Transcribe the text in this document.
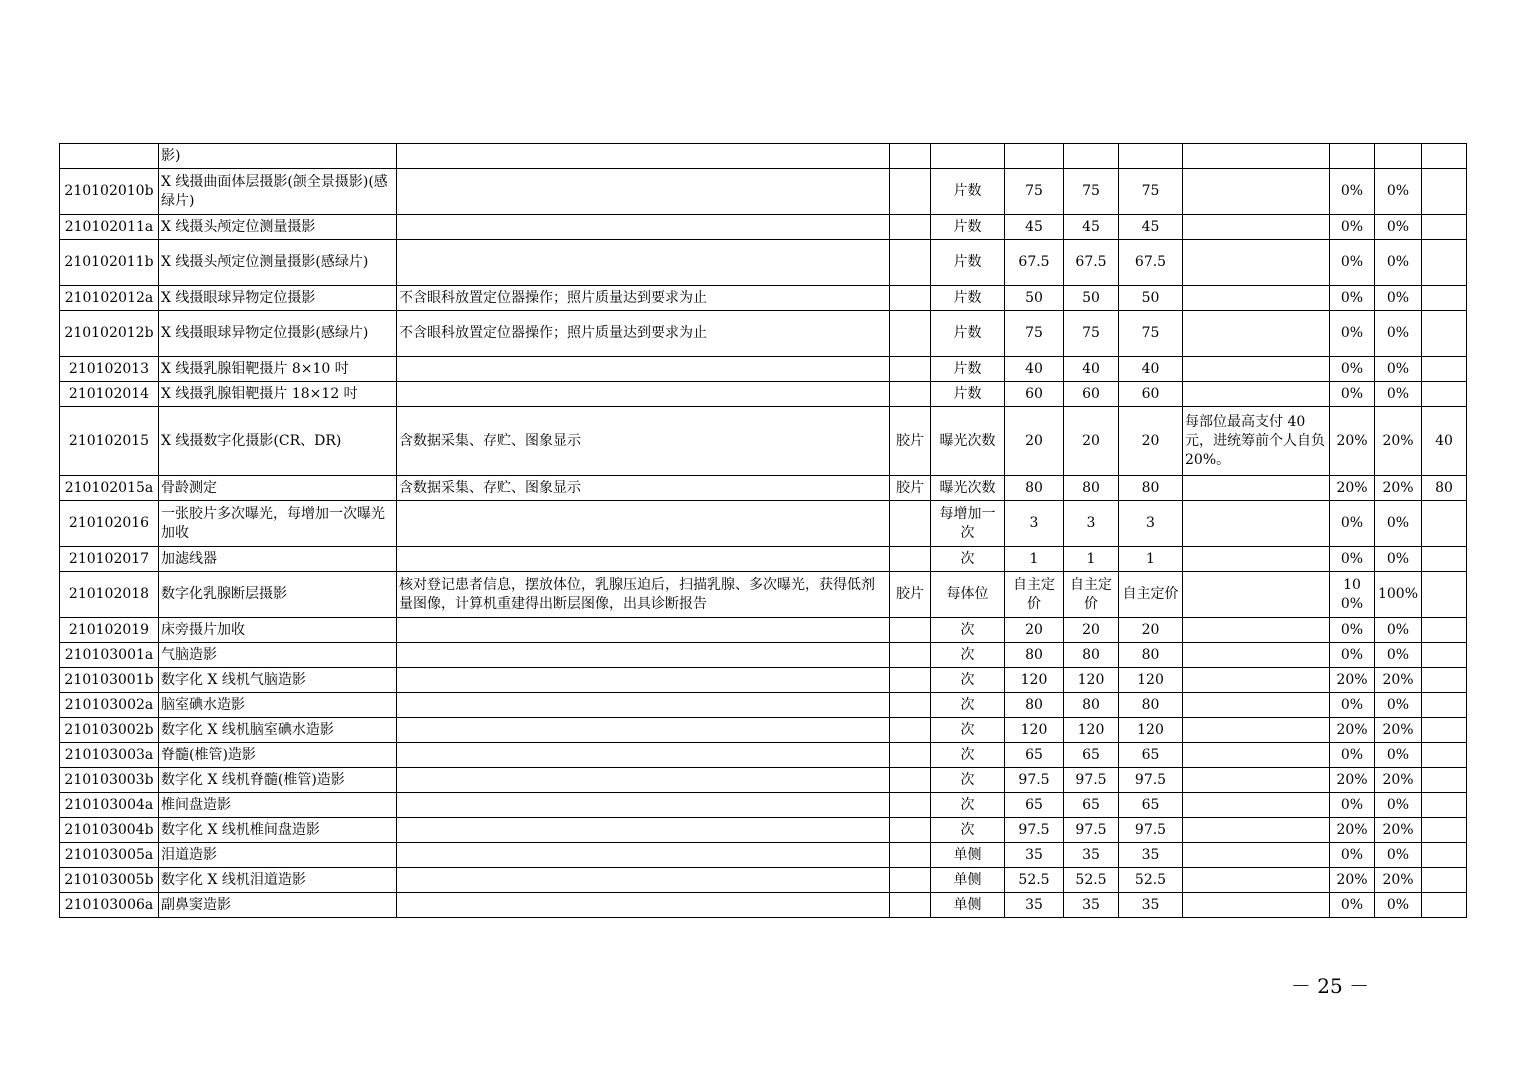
	影)										
210102010b	X 线摄曲面体层摄影(颌全景摄影)(感绿片)			片数	75	75	75		0%	0%	
210102011a	X 线摄头颅定位测量摄影			片数	45	45	45		0%	0%	
210102011b	X 线摄头颅定位测量摄影(感绿片)			片数	67.5	67.5	67.5		0%	0%	
210102012a	X 线摄眼球异物定位摄影	不含眼科放置定位器操作；照片质量达到要求为止		片数	50	50	50		0%	0%	
210102012b	X 线摄眼球异物定位摄影(感绿片)	不含眼科放置定位器操作；照片质量达到要求为止		片数	75	75	75		0%	0%	
210102013	X 线摄乳腺钼靶摄片 8×10 吋			片数	40	40	40		0%	0%	
210102014	X 线摄乳腺钼靶摄片 18×12 吋			片数	60	60	60		0%	0%	
210102015	X 线摄数字化摄影(CR、DR)	含数据采集、存贮、图象显示	胶片	曝光次数	20	20	20	每部位最高支付 40 元，进统筹前个人自负 20%。	20%	20%	40
210102015a	骨龄测定	含数据采集、存贮、图象显示	胶片	曝光次数	80	80	80		20%	20%	80
210102016	一张胶片多次曝光，每增加一次曝光加收			每增加一次	3	3	3		0%	0%	
210102017	加滤线器			次	1	1	1		0%	0%	
210102018	数字化乳腺断层摄影	核对登记患者信息，摆放体位，乳腺压迫后，扫描乳腺、多次曝光，获得低剂量图像，计算机重建得出断层图像，出具诊断报告	胶片	每体位	自主定价	自主定价	自主定价		100%	100%	
210102019	床旁摄片加收			次	20	20	20		0%	0%	
210103001a	气脑造影			次	80	80	80		0%	0%	
210103001b	数字化 X 线机气脑造影			次	120	120	120		20%	20%	
210103002a	脑室碘水造影			次	80	80	80		0%	0%	
210103002b	数字化 X 线机脑室碘水造影			次	120	120	120		20%	20%	
210103003a	脊髓(椎管)造影			次	65	65	65		0%	0%	
210103003b	数字化 X 线机脊髓(椎管)造影			次	97.5	97.5	97.5		20%	20%	
210103004a	椎间盘造影			次	65	65	65		0%	0%	
210103004b	数字化 X 线机椎间盘造影			次	97.5	97.5	97.5		20%	20%	
210103005a	泪道造影			单侧	35	35	35		0%	0%	
210103005b	数字化 X 线机泪道造影			单侧	52.5	52.5	52.5		20%	20%	
210103006a	副鼻窦造影			单侧	35	35	35		0%	0%	
－ 25 －
